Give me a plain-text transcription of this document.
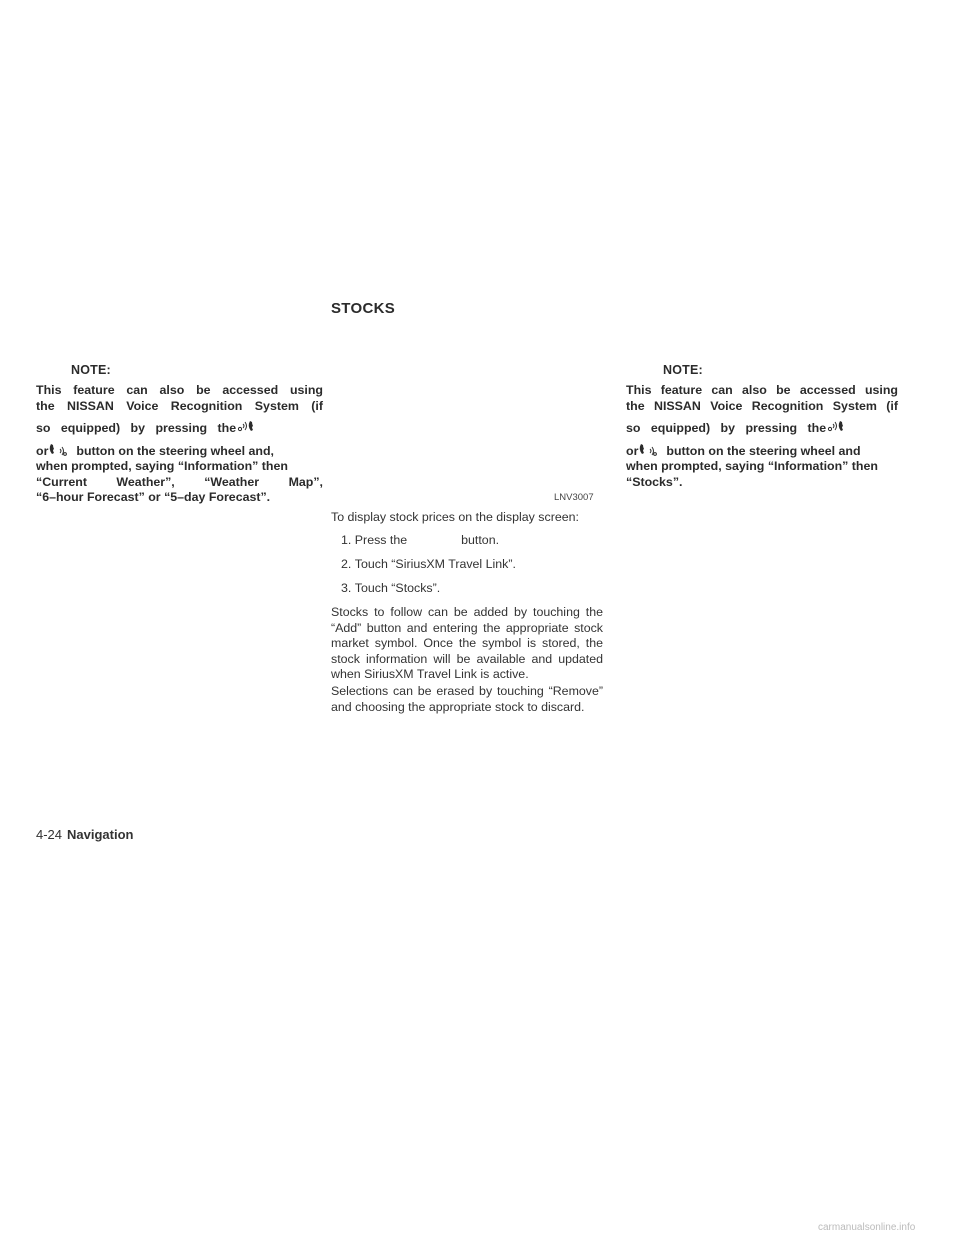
NOTE:
This feature can also be accessed using
the NISSAN Voice Recognition System (if
so equipped) by pressing the
or button on the steering wheel and,
when prompted, saying “Information” then
“Current Weather”, “Weather Map”,
“6–hour Forecast” or “5–day Forecast”.
STOCKS
LNV3007
To display stock prices on the display screen:
1. Press the	button.
2. Touch “SiriusXM Travel Link”.
3. Touch “Stocks”.
Stocks to follow can be added by touching the “Add” button and entering the appropriate stock market symbol. Once the symbol is stored, the stock information will be available and updated when SiriusXM Travel Link is active.
Selections can be erased by touching “Remove” and choosing the appropriate stock to discard.
NOTE:
This feature can also be accessed using
the NISSAN Voice Recognition System (if
so equipped) by pressing the
or button on the steering wheel and
when prompted, saying “Information” then
“Stocks”.
4-24 Navigation
carmanualsonline.info
